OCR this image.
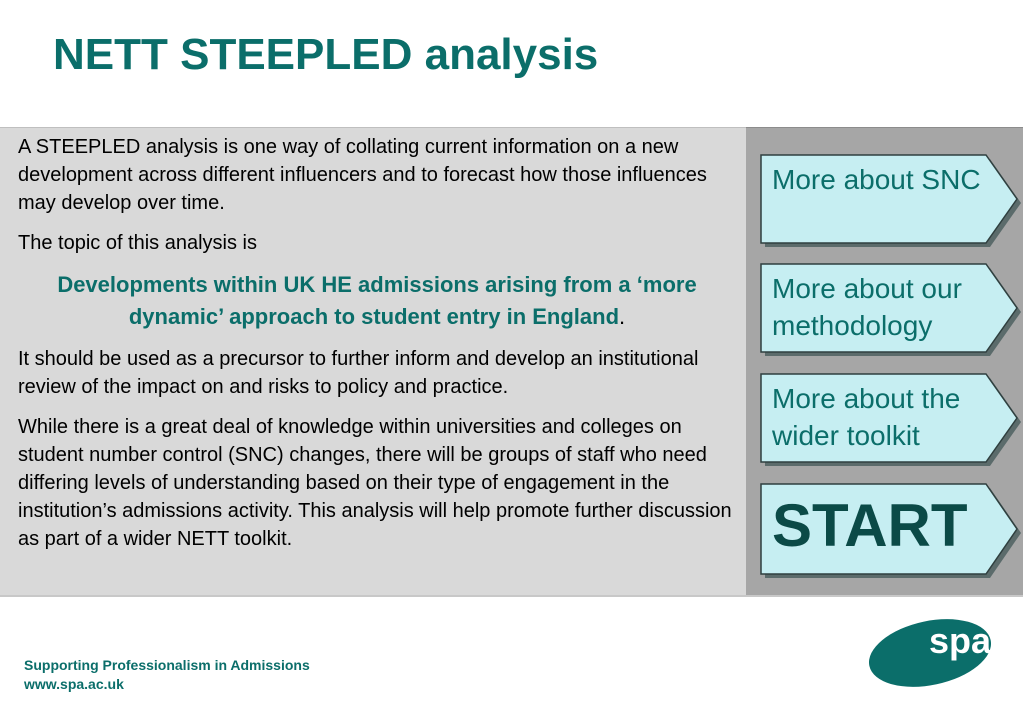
NETT STEEPLED analysis

A STEEPLED analysis is one way of collating current information on a new development across different influencers and to forecast how those influences may develop over time.

The topic of this analysis is

Developments within UK HE admissions arising from a ‘more dynamic’ approach to student entry in England.

It should be used as a precursor to further inform and develop an institutional review of the impact on and risks to policy and practice.

While there is a great deal of knowledge within universities and colleges on student number control (SNC) changes, there will be groups of staff who need differing levels of understanding based on their type of engagement in the institution’s admissions activity. This analysis will help promote further discussion as part of a wider NETT toolkit.

More about SNC
More about our methodology
More about the wider toolkit
START
Supporting Professionalism in Admissions
www.spa.ac.uk
spa
